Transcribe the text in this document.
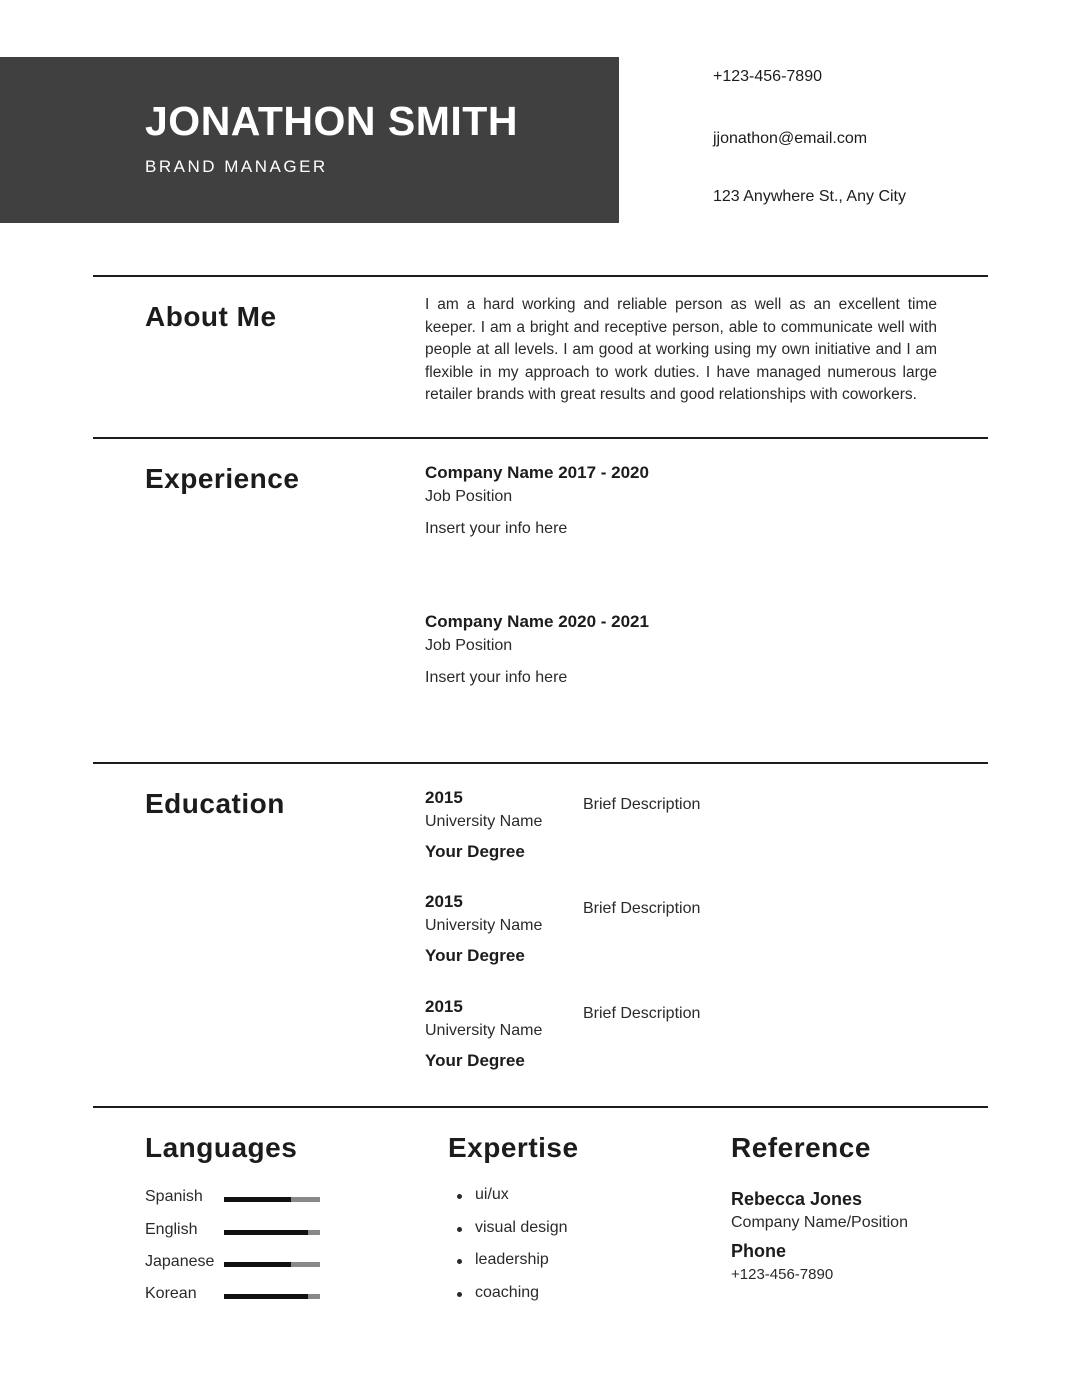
JONATHON SMITH
BRAND MANAGER
+123-456-7890
jjonathon@email.com
123 Anywhere St., Any City
About Me	I am a hard working and reliable person as well as an excellent time keeper. I am a bright and receptive person, able to communicate well with people at all levels. I am good at working using my own initiative and I am flexible in my approach to work duties. I have managed numerous large retailer brands with great results and good relationships with coworkers.

Experience	Company Name 2017 - 2020
Job Position
Insert your info here
Company Name 2020 - 2021
Job Position
Insert your info here
Education	2015
University Name
Your Degree
Brief Description
2015
University Name
Your Degree
Brief Description
2015
University Name
Your Degree
Brief Description
Languages
Spanish
English
Japanese
Korean
Expertise
ui/ux
visual design
leadership
coaching
Reference
Rebecca Jones
Company Name/Position
Phone
+123-456-7890
